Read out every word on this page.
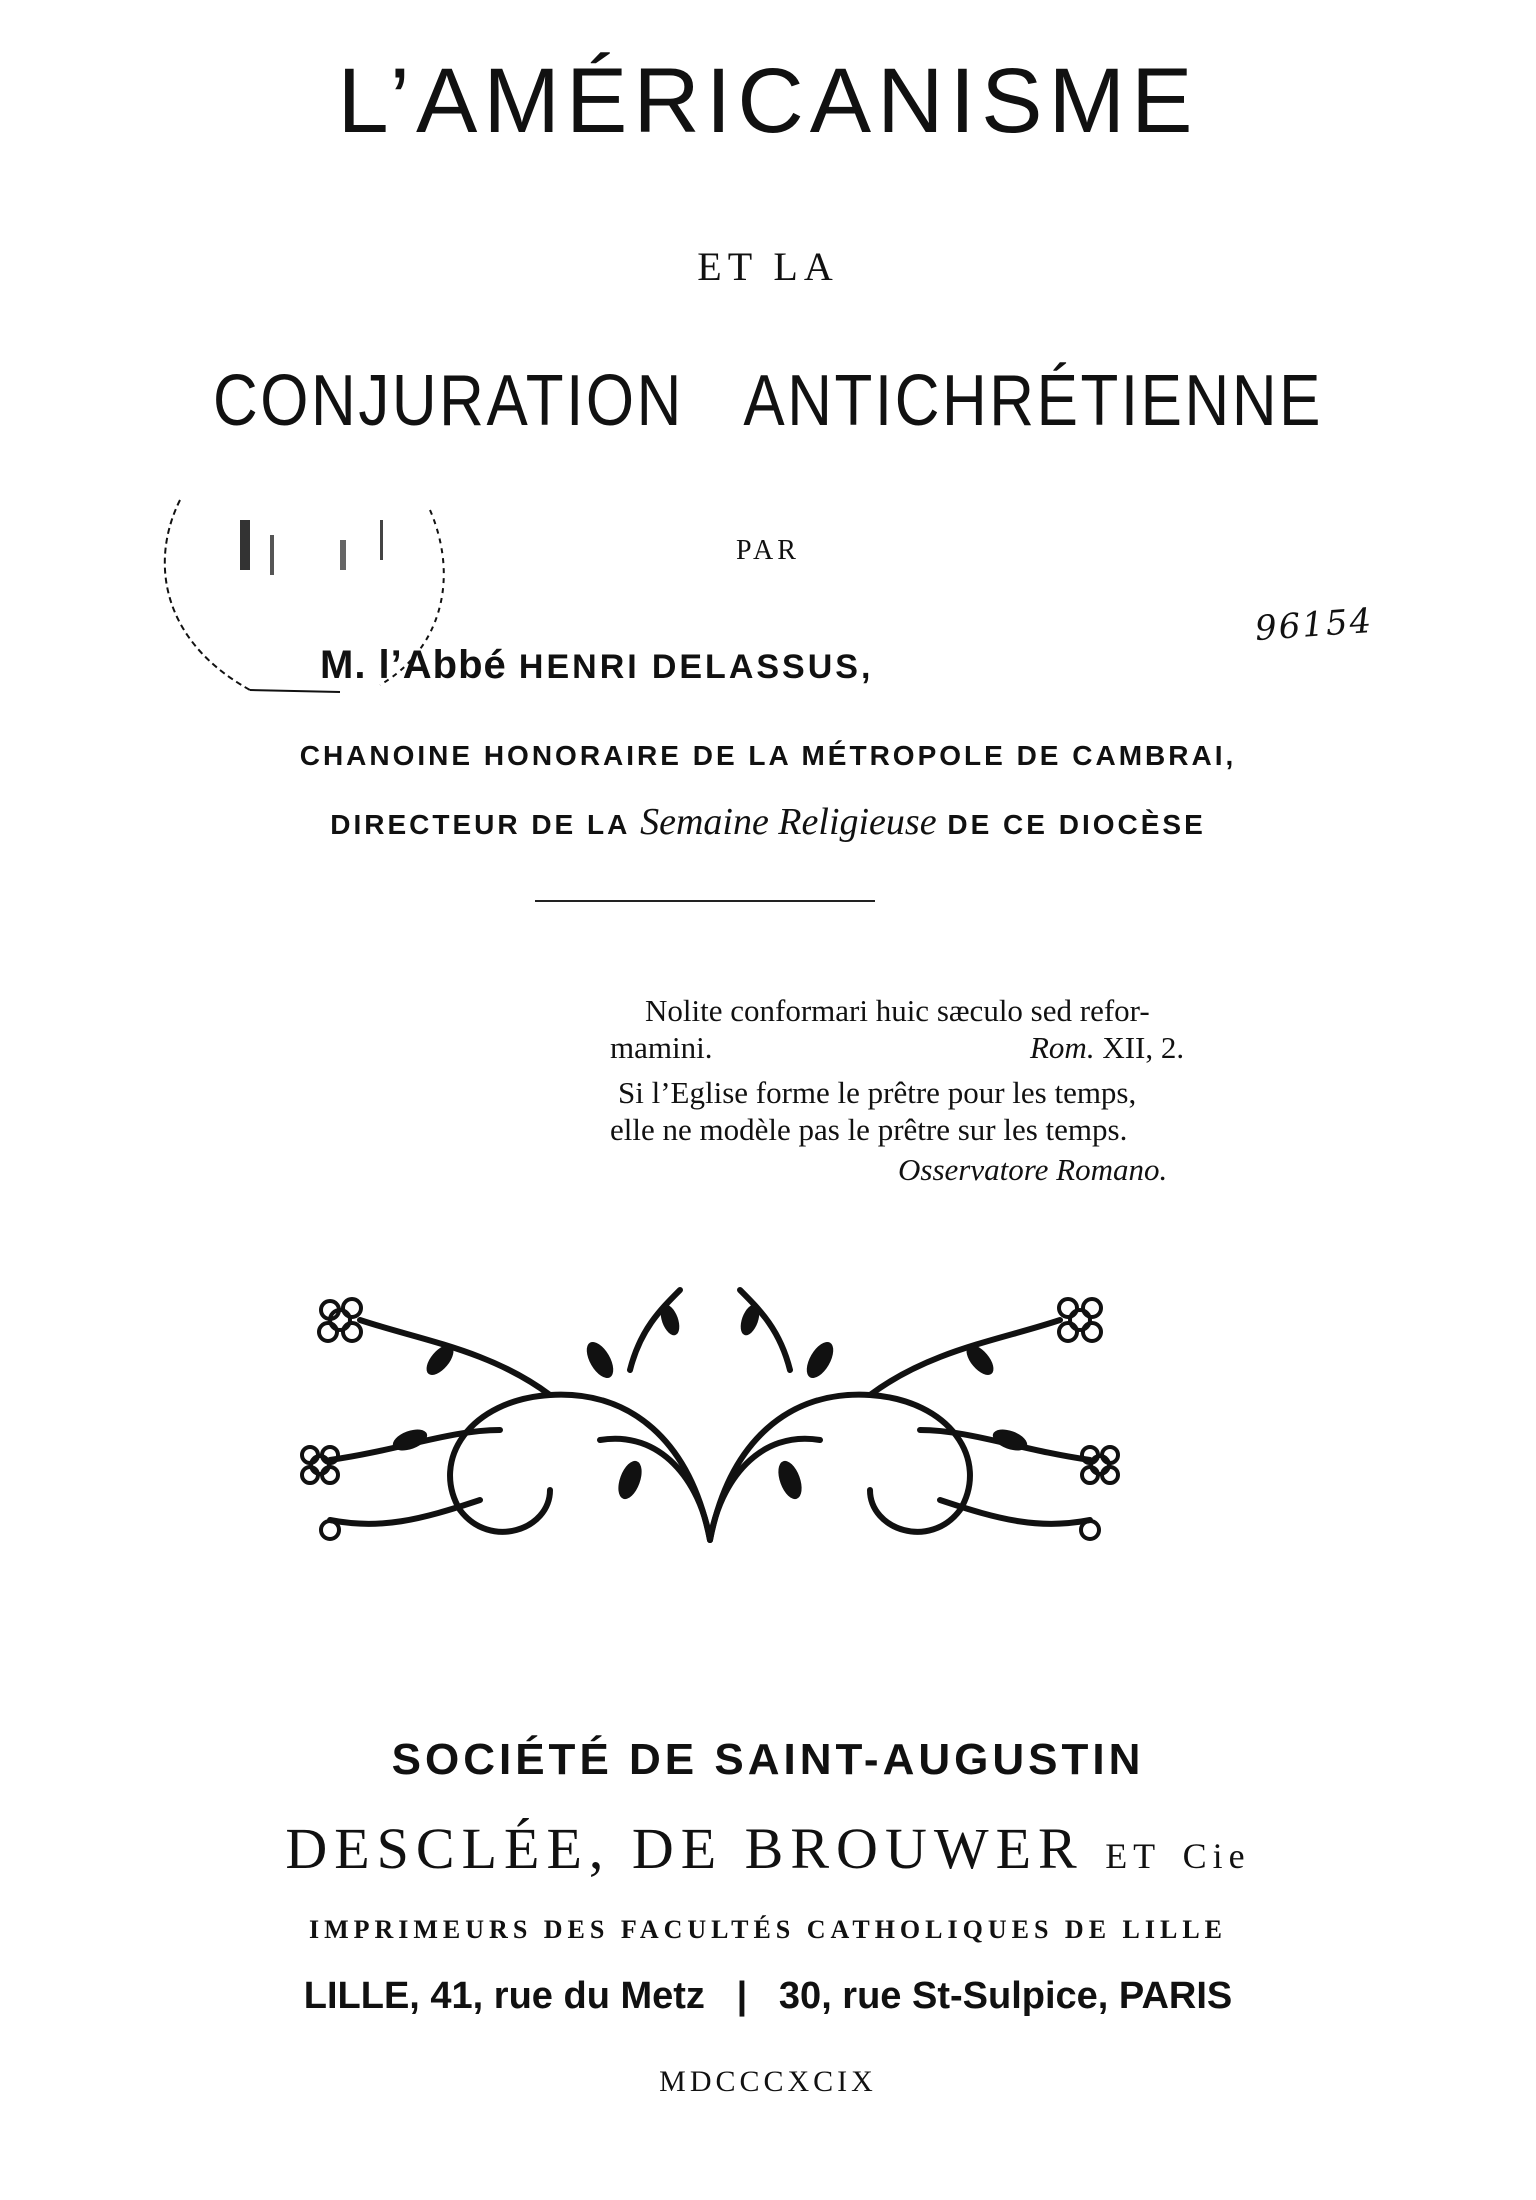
L’AMÉRICANISME
ET LA
CONJURATION ANTICHRÉTIENNE
PAR
M. l’Abbé HENRI DELASSUS,
96154
CHANOINE HONORAIRE DE LA MÉTROPOLE DE CAMBRAI,
DIRECTEUR DE LA Semaine Religieuse DE CE DIOCÈSE
Nolite conformari huic sæculo sed refor-
mamini.	Rom. XII, 2.
Si l’Eglise forme le prêtre pour les temps,
elle ne modèle pas le prêtre sur les temps.
Osservatore Romano.
SOCIÉTÉ DE SAINT-AUGUSTIN
DESCLÉE, DE BROUWER ET Cie
IMPRIMEURS DES FACULTÉS CATHOLIQUES DE LILLE
LILLE, 41, rue du Metz | 30, rue St-Sulpice, PARIS
MDCCCXCIX
